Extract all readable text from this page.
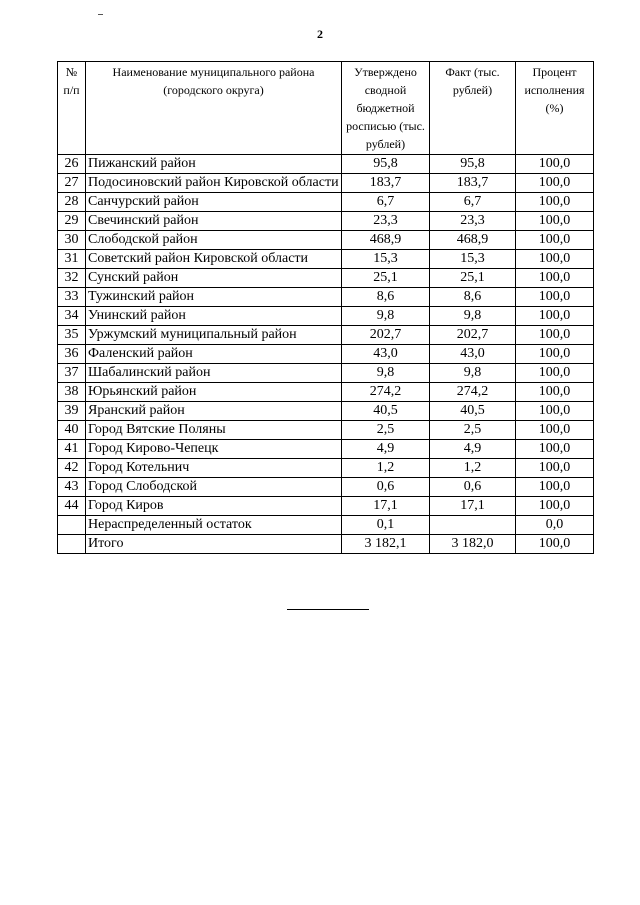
2
№ п/п	Наименование муниципального района (городского округа)	Утверждено сводной бюджетной росписью (тыс. рублей)	Факт (тыс. рублей)	Процент исполнения (%)
26	Пижанский район	95,8	95,8	100,0
27	Подосиновский район Кировской области	183,7	183,7	100,0
28	Санчурский район	6,7	6,7	100,0
29	Свечинский район	23,3	23,3	100,0
30	Слободской район	468,9	468,9	100,0
31	Советский район Кировской области	15,3	15,3	100,0
32	Сунский район	25,1	25,1	100,0
33	Тужинский район	8,6	8,6	100,0
34	Унинский район	9,8	9,8	100,0
35	Уржумский муниципальный район	202,7	202,7	100,0
36	Фаленский район	43,0	43,0	100,0
37	Шабалинский район	9,8	9,8	100,0
38	Юрьянский район	274,2	274,2	100,0
39	Яранский район	40,5	40,5	100,0
40	Город Вятские Поляны	2,5	2,5	100,0
41	Город Кирово-Чепецк	4,9	4,9	100,0
42	Город Котельнич	1,2	1,2	100,0
43	Город Слободской	0,6	0,6	100,0
44	Город Киров	17,1	17,1	100,0
	Нераспределенный остаток	0,1		0,0
	Итого	3 182,1	3 182,0	100,0
